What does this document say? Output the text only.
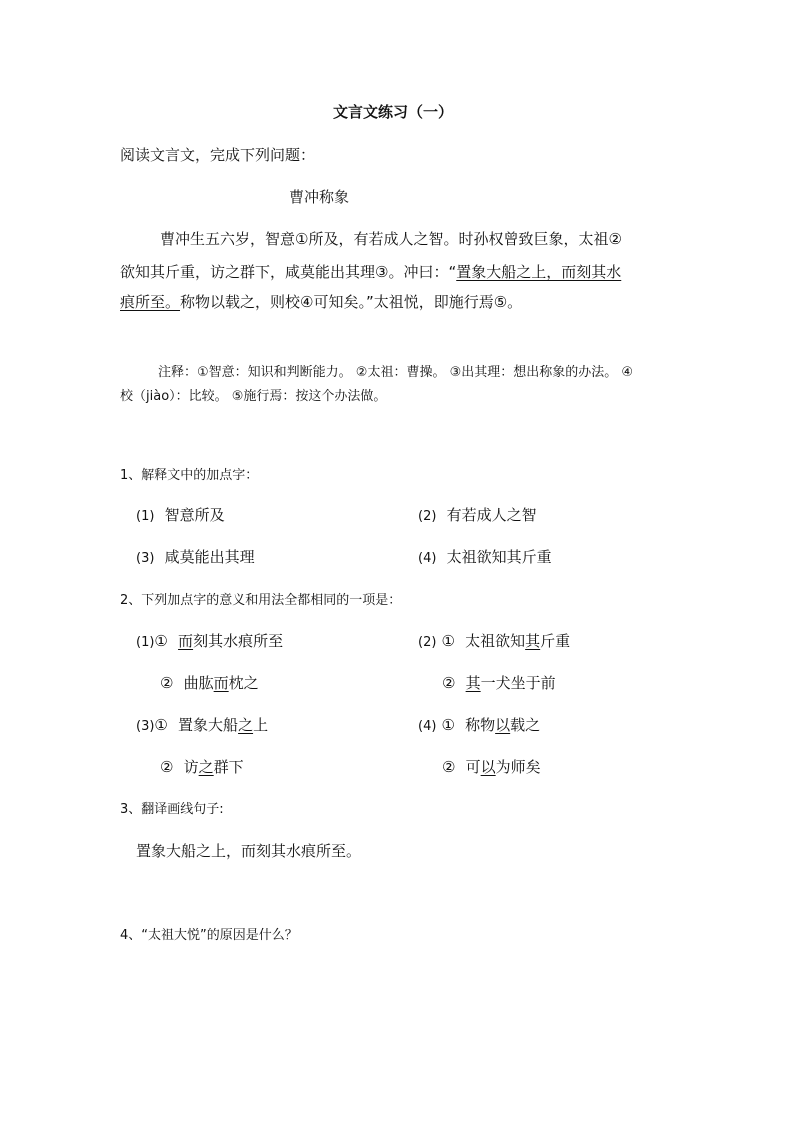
文言文练习（一）
阅读文言文，完成下列问题：
曹冲称象
曹冲生五六岁，智意①所及，有若成人之智。时孙权曾致巨象，太祖②
欲知其斤重，访之群下，咸莫能出其理③。冲曰：“置象大船之上，而刻其水
痕所至。称物以载之，则校④可知矣。”太祖悦，即施行焉⑤。
注释：①智意：知识和判断能力。 ②太祖：曹操。 ③出其理：想出称象的办法。 ④
校（jiào）：比较。 ⑤施行焉：按这个办法做。
1、解释文中的加点字：
(1) 智意所及	(2) 有若成人之智
(3) 咸莫能出其理	(4) 太祖欲知其斤重
2、下列加点字的意义和用法全都相同的一项是：
(1)① 而刻其水痕所至
② 曲肱而枕之
(2) ① 太祖欲知其斤重
② 其一犬坐于前
(3)① 置象大船之上
② 访之群下
(4) ① 称物以载之
② 可以为师矣
3、翻译画线句子:
置象大船之上，而刻其水痕所至。
4、“太祖大悦”的原因是什么？
